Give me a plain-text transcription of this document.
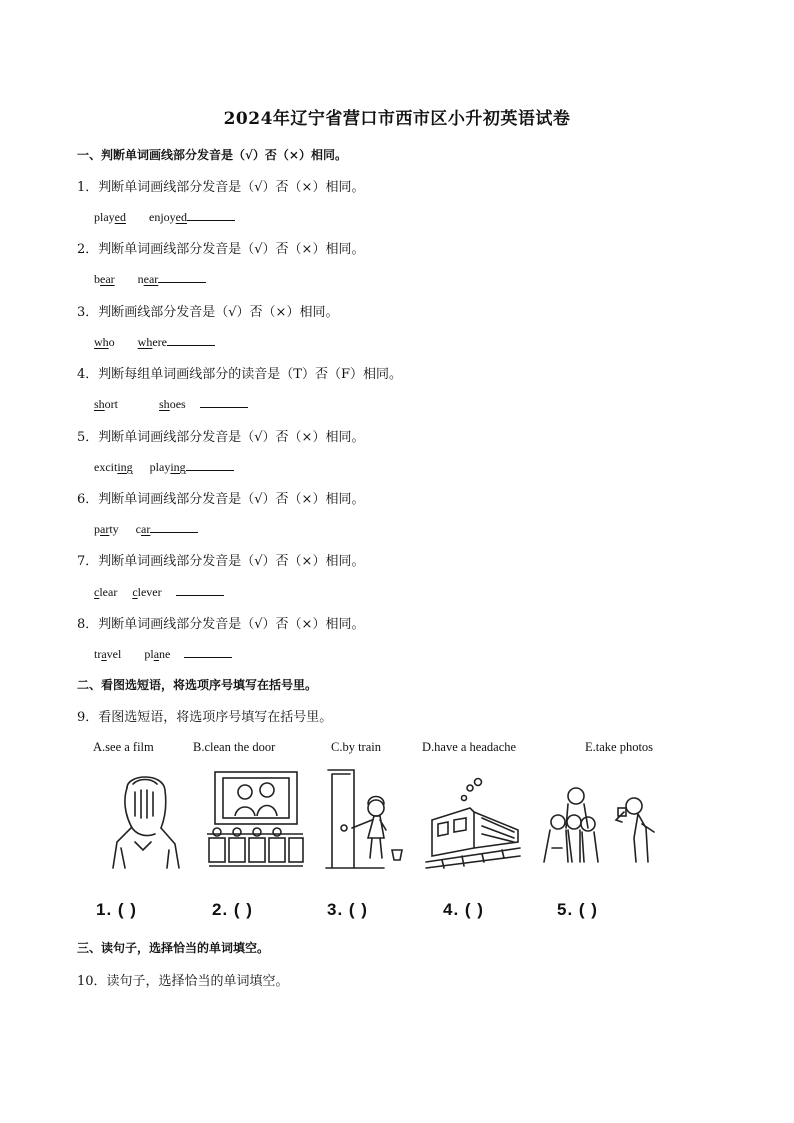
2024年辽宁省营口市西市区小升初英语试卷
一、判断单词画线部分发音是（√）否（×）相同。
1．判断单词画线部分发音是（√）否（×）相同。
played enjoyed
2．判断单词画线部分发音是（√）否（×）相同。
bear near
3．判断画线部分发音是（√）否（×）相同。
who where
4．判断每组单词画线部分的读音是（T）否（F）相同。
short	shoes
5．判断单词画线部分发音是（√）否（×）相同。
exciting playing
6．判断单词画线部分发音是（√）否（×）相同。
party car
7．判断单词画线部分发音是（√）否（×）相同。
clear clever
8．判断单词画线部分发音是（√）否（×）相同。
travel plane
二、看图选短语，将选项序号填写在括号里。
9．看图选短语，将选项序号填写在括号里。
A.see a film	B.clean the door	C.by train	D.have a headache	E.take photos
1. ( )	2. ( )	3. ( )	4. ( )	5. ( )
三、读句子，选择恰当的单词填空。
10．读句子，选择恰当的单词填空。
